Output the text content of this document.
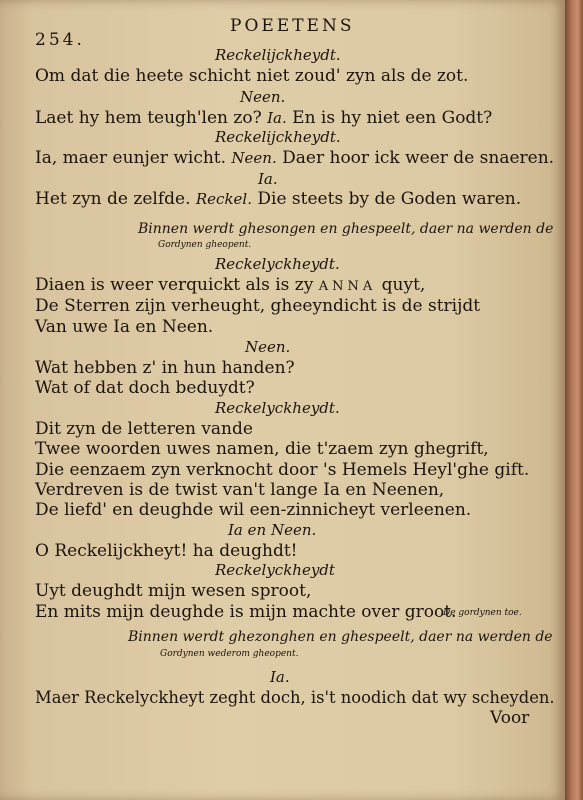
254.
POEETENS
Reckelijckheydt.
Om dat die heete schicht niet zoud' zyn als de zot.
Neen.
Laet hy hem teugh'len zo? Ia. En is hy niet een Godt?
Reckelijckheydt.
Ia, maer eunjer wicht. Neen. Daer hoor ick weer de snaeren.
Ia.
Het zyn de zelfde. Reckel. Die steets by de Goden waren.
Binnen werdt ghesongen en ghespeelt, daer na werden de
Gordynen gheopent.
Reckelyckheydt.
Diaen is weer verquickt als is zy ANNA quyt,
De Sterren zijn verheught, gheeyndicht is de strijdt
Van uwe Ia en Neen.
Neen.
Wat hebben z' in hun handen?
Wat of dat doch beduydt?
Reckelyckheydt.
Dit zyn de letteren vande
Twee woorden uwes namen, die t'zaem zyn ghegrift,
Die eenzaem zyn verknocht door 's Hemels Heyl'ghe gift.
Verdreven is de twist van't lange Ia en Neenen,
De liefd' en deughde wil een-zinnicheyt verleenen.
Ia en Neen.
O Reckelijckheyt! ha deughdt!
Reckelyckheydt
Uyt deughdt mijn wesen sproot,
En mits mijn deughde is mijn machte over groot.
De gordynen toe.
Binnen werdt ghezonghen en ghespeelt, daer na werden de
Gordynen wederom gheopent.
Ia.
Maer Reckelyckheyt zeght doch, is't noodich dat wy scheyden.
Voor
